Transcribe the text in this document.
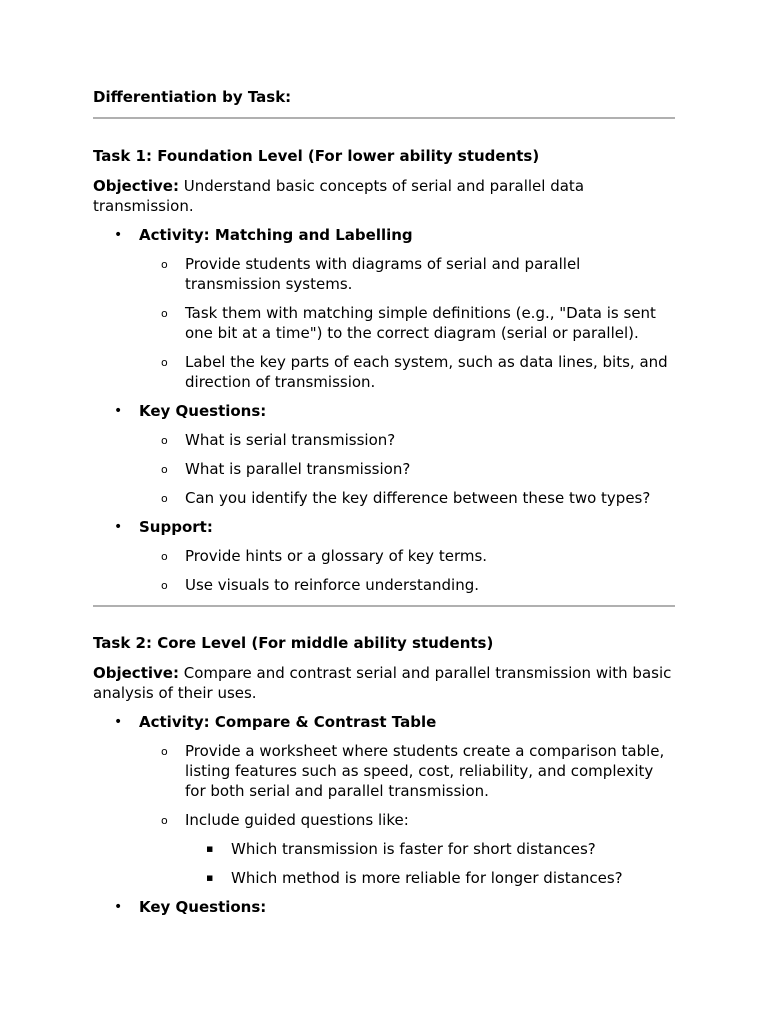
Differentiation by Task:

Task 1: Foundation Level (For lower ability students)

Objective: Understand basic concepts of serial and parallel data transmission.

• Activity: Matching and Labelling
o Provide students with diagrams of serial and parallel transmission systems.
o Task them with matching simple definitions (e.g., "Data is sent one bit at a time") to the correct diagram (serial or parallel).
o Label the key parts of each system, such as data lines, bits, and direction of transmission.
• Key Questions:
o What is serial transmission?
o What is parallel transmission?
o Can you identify the key difference between these two types?
• Support:
o Provide hints or a glossary of key terms.
o Use visuals to reinforce understanding.

Task 2: Core Level (For middle ability students)

Objective: Compare and contrast serial and parallel transmission with basic analysis of their uses.

• Activity: Compare & Contrast Table
o Provide a worksheet where students create a comparison table, listing features such as speed, cost, reliability, and complexity for both serial and parallel transmission.
o Include guided questions like:
▪ Which transmission is faster for short distances?
▪ Which method is more reliable for longer distances?
• Key Questions:
